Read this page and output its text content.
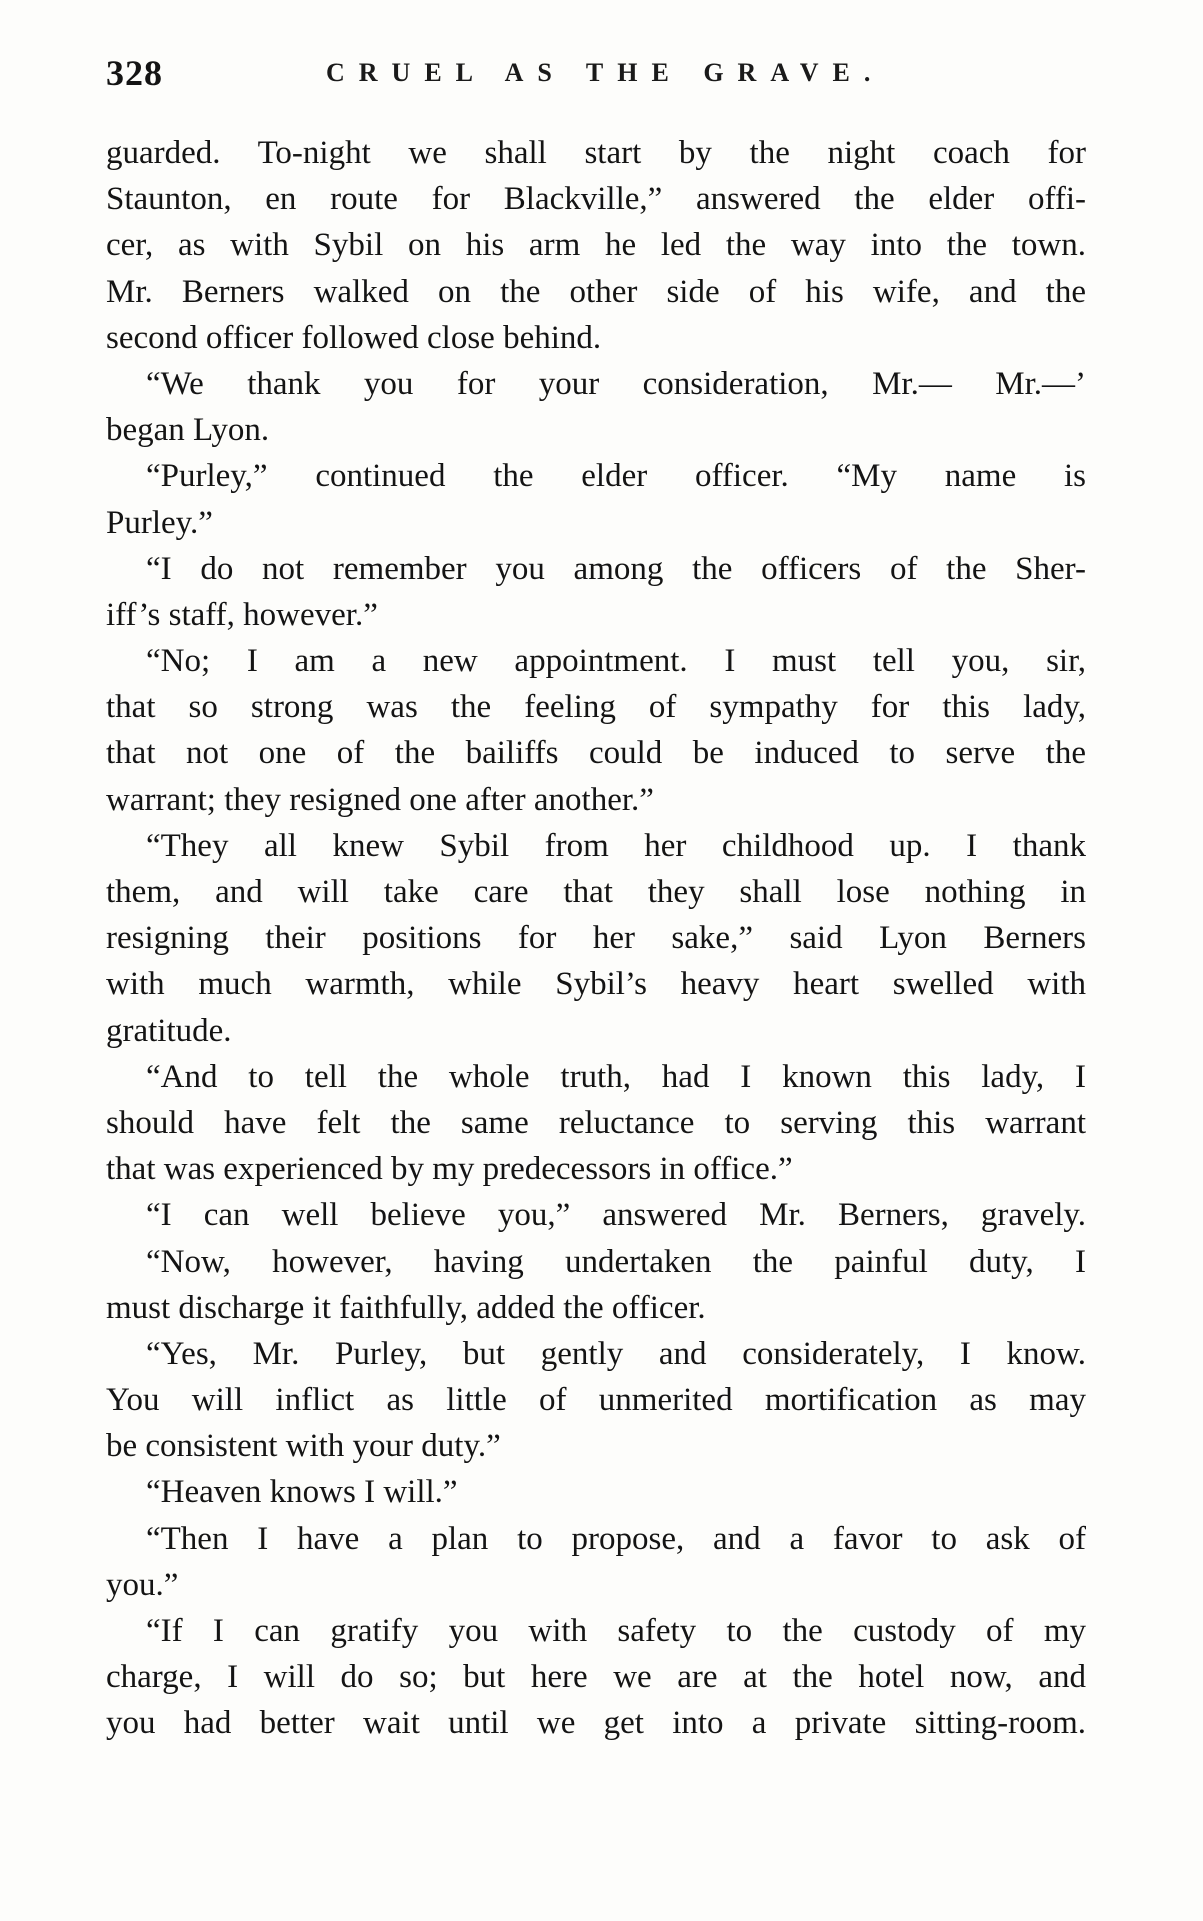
328	CRUEL AS THE GRAVE.
guarded. To-night we shall start by the night coach for
Staunton, en route for Blackville,” answered the elder offi-
cer, as with Sybil on his arm he led the way into the town.
Mr. Berners walked on the other side of his wife, and the
second officer followed close behind.
“We thank you for your consideration, Mr.— Mr.—’
began Lyon.
“Purley,” continued the elder officer. “My name is
Purley.”
“I do not remember you among the officers of the Sher-
iff’s staff, however.”
“No; I am a new appointment. I must tell you, sir,
that so strong was the feeling of sympathy for this lady,
that not one of the bailiffs could be induced to serve the
warrant; they resigned one after another.”
“They all knew Sybil from her childhood up. I thank
them, and will take care that they shall lose nothing in
resigning their positions for her sake,” said Lyon Berners
with much warmth, while Sybil’s heavy heart swelled with
gratitude.
“And to tell the whole truth, had I known this lady, I
should have felt the same reluctance to serving this warrant
that was experienced by my predecessors in office.”
“I can well believe you,” answered Mr. Berners, gravely.
“Now, however, having undertaken the painful duty, I
must discharge it faithfully, added the officer.
“Yes, Mr. Purley, but gently and considerately, I know.
You will inflict as little of unmerited mortification as may
be consistent with your duty.”
“Heaven knows I will.”
“Then I have a plan to propose, and a favor to ask of
you.”
“If I can gratify you with safety to the custody of my
charge, I will do so; but here we are at the hotel now, and
you had better wait until we get into a private sitting-room.
